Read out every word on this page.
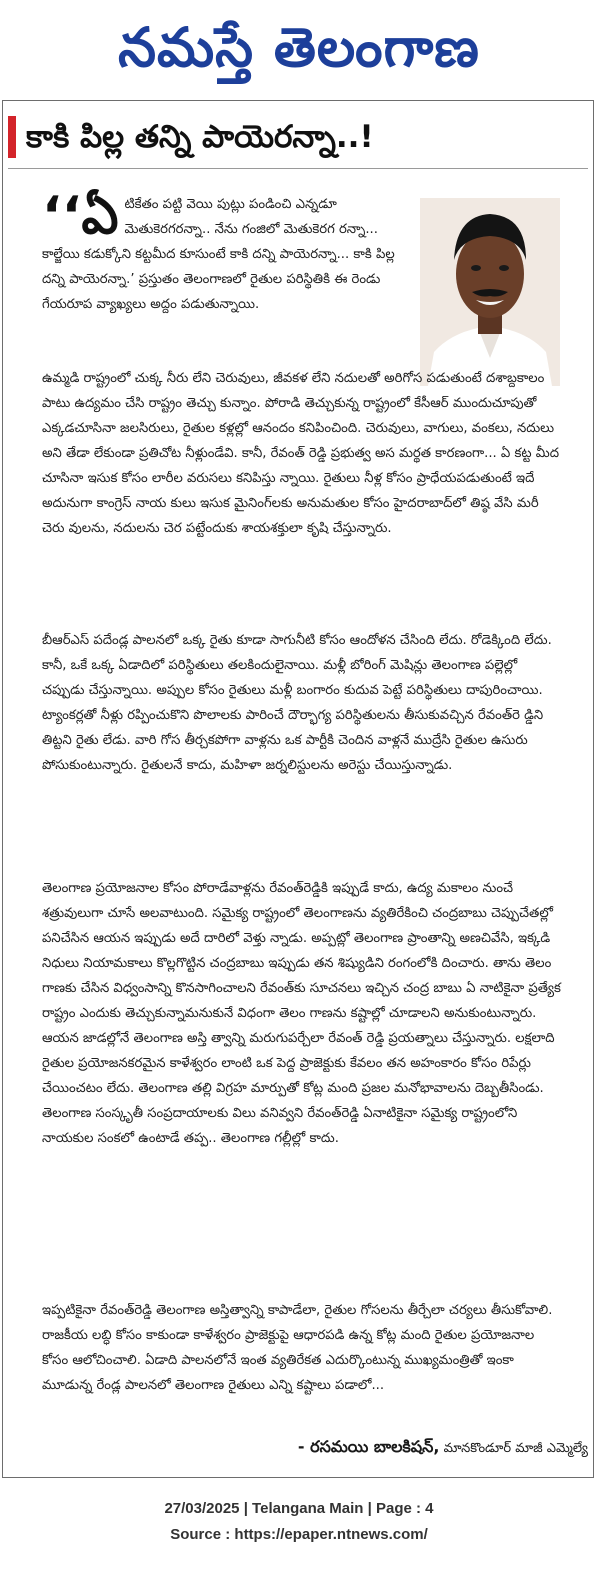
నమస్తే తెలంగాణ
కాకి పిల్ల తన్ని పాయెరన్నా..!
‘‘ఏ టికేతం పట్టి వెయి పుట్లు పండించి ఎన్నడూ మెతుకెరగరన్నా.. నేను గంజిలో మెతుకెరగ రన్నా... కాల్జేయి కడుక్కోని కట్టమీద కూసుంటే కాకి దన్ని పాయెరన్నా... కాకి పిల్ల దన్ని పాయెరన్నా.’ ప్రస్తుతం తెలంగాణలో రైతుల పరిస్థితికి ఈ రెండు గేయరూప వ్యాఖ్యలు అద్దం పడుతున్నాయి.
ఉమ్మడి రాష్ట్రంలో చుక్క నీరు లేని చెరువులు, జీవకళ లేని నదులతో అరిగోస పడుతుంటే దశాబ్దకాలం పాటు ఉద్యమం చేసి రాష్ట్రం తెచ్చు కున్నాం. పోరాడి తెచ్చుకున్న రాష్ట్రంలో కేసీఆర్ ముందుచూపుతో ఎక్కడచూసినా జలసిరులు, రైతుల కళ్లల్లో ఆనందం కనిపించింది. చెరువులు, వాగులు, వంకలు, నదులు అని తేడా లేకుండా ప్రతిచోట నీళ్లుండేవి. కానీ, రేవంత్ రెడ్డి ప్రభుత్వ అస మర్థత కారణంగా... ఏ కట్ట మీద చూసినా ఇసుక కోసం లారీల వరుసలు కనిపిస్తు న్నాయి. రైతులు నీళ్ల కోసం ప్రాధేయపడుతుంటే ఇదే అదునుగా కాంగ్రెస్ నాయ కులు ఇసుక మైనింగ్‌లకు అనుమతుల కోసం హైదరాబాద్‌లో తిష్ఠ వేసి మరీ చెరు వులను, నదులను చెర పట్టేందుకు శాయశక్తులా కృషి చేస్తున్నారు.
బీఆర్ఎస్ పదేండ్ల పాలనలో ఒక్క రైతు కూడా సాగునీటి కోసం ఆందోళన చేసింది లేదు. రోడెక్కింది లేదు. కానీ, ఒకే ఒక్క ఏడాదిలో పరిస్థితులు తలకిందులైనాయి. మళ్లీ బోరింగ్ మెషిన్లు తెలంగాణ పల్లెల్లో చప్పుడు చేస్తున్నాయి. అప్పుల కోసం రైతులు మళ్లీ బంగారం కుదువ పెట్టే పరిస్థితులు దాపురించాయి. ట్యాంకర్లతో నీళ్లు రప్పించుకొని పొలాలకు పారించే దౌర్భాగ్య పరిస్థితులను తీసుకువచ్చిన రేవంత్‌రె డ్డిని తిట్టని రైతు లేడు. వారి గోస తీర్చకపోగా వాళ్లను ఒక పార్టీకి చెందిన వాళ్లనే ముద్రేసి రైతుల ఉసురు పోసుకుంటున్నారు. రైతులనే కాదు, మహిళా జర్నలిస్టులను అరెస్టు చేయిస్తున్నాడు.
తెలంగాణ ప్రయోజనాల కోసం పోరాడేవాళ్లను రేవంత్‌రెడ్డికి ఇప్పుడే కాదు, ఉద్య మకాలం నుంచే శత్రువులుగా చూసే అలవాటుంది. సమైక్య రాష్ట్రంలో తెలంగాణను వ్యతిరేకించి చంద్రబాబు చెప్పుచేతల్లో పనిచేసిన ఆయన ఇప్పుడు అదే దారిలో వెళ్తు న్నాడు. అప్పట్లో తెలంగాణ ప్రాంతాన్ని అణచివేసి, ఇక్కడి నిధులు నియామకాలు కొల్లగొట్టిన చంద్రబాబు ఇప్పుడు తన శిష్యుడిని రంగంలోకి దించారు. తాను తెలం గాణకు చేసిన విధ్వంసాన్ని కొనసాగించాలని రేవంత్‌కు సూచనలు ఇచ్చిన చంద్ర బాబు ఏ నాటికైనా ప్రత్యేక రాష్ట్రం ఎందుకు తెచ్చుకున్నామనుకునే విధంగా తెలం గాణను కష్టాల్లో చూడాలని అనుకుంటున్నారు. ఆయన జాడల్లోనే తెలంగాణ అస్తి త్వాన్ని మరుగుపర్చేలా రేవంత్ రెడ్డి ప్రయత్నాలు చేస్తున్నారు. లక్షలాది రైతుల ప్రయోజనకరమైన కాళేశ్వరం లాంటి ఒక పెద్ద ప్రాజెక్టుకు కేవలం తన అహంకారం కోసం రిపేర్లు చేయించటం లేదు. తెలంగాణ తల్లి విగ్రహ మార్పుతో కోట్ల మంది ప్రజల మనోభావాలను దెబ్బతీసిండు. తెలంగాణ సంస్కృతీ సంప్రదాయాలకు విలు వనివ్వని రేవంత్‌రెడ్డి ఏనాటికైనా సమైక్య రాష్ట్రంలోని నాయకుల సంకలో ఉంటాడే తప్ప.. తెలంగాణ గల్లీల్లో కాదు.
ఇప్పటికైనా రేవంత్‌రెడ్డి తెలంగాణ అస్తిత్వాన్ని కాపాడేలా, రైతుల గోసలను తీర్చేలా చర్యలు తీసుకోవాలి. రాజకీయ లబ్ధి కోసం కాకుండా కాళేశ్వరం ప్రాజెక్టుపై ఆధారపడి ఉన్న కోట్ల మంది రైతుల ప్రయోజనాల కోసం ఆలోచించాలి. ఏడాది పాలనలోనే ఇంత వ్యతిరేకత ఎదుర్కొంటున్న ముఖ్యమంత్రితో ఇంకా మూడున్న రేండ్ల పాలనలో తెలంగాణ రైతులు ఎన్ని కష్టాలు పడాలో...
- రసమయి బాలకిషన్, మానకొండూర్ మాజీ ఎమ్మెల్యే
27/03/2025 | Telangana Main | Page : 4
Source : https://epaper.ntnews.com/
